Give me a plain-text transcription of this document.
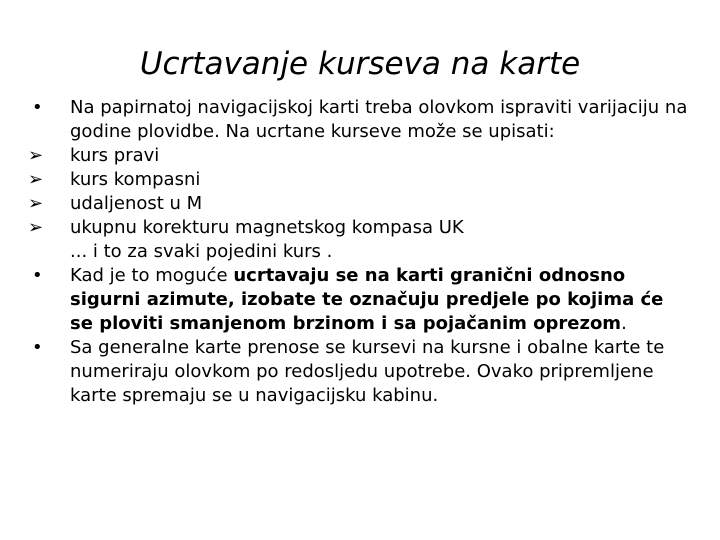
Ucrtavanje kurseva na karte

•	Na papirnatoj navigacijskoj karti treba olovkom ispraviti varijaciju na godine plovidbe. Na ucrtane kurseve može se upisati:

➢	kurs pravi

➢	kurs kompasni

➢	udaljenost u M

➢	ukupnu korekturu magnetskog kompasa UK

... i to za svaki pojedini kurs .

•	Kad je to moguće ucrtavaju se na karti granični odnosno sigurni azimute, izobate te označuju predjele po kojima će se ploviti smanjenom brzinom i sa pojačanim oprezom.

•	Sa generalne karte prenose se kursevi na kursne i obalne karte te numeriraju olovkom po redosljedu upotrebe. Ovako pripremljene karte spremaju se u navigacijsku kabinu.
